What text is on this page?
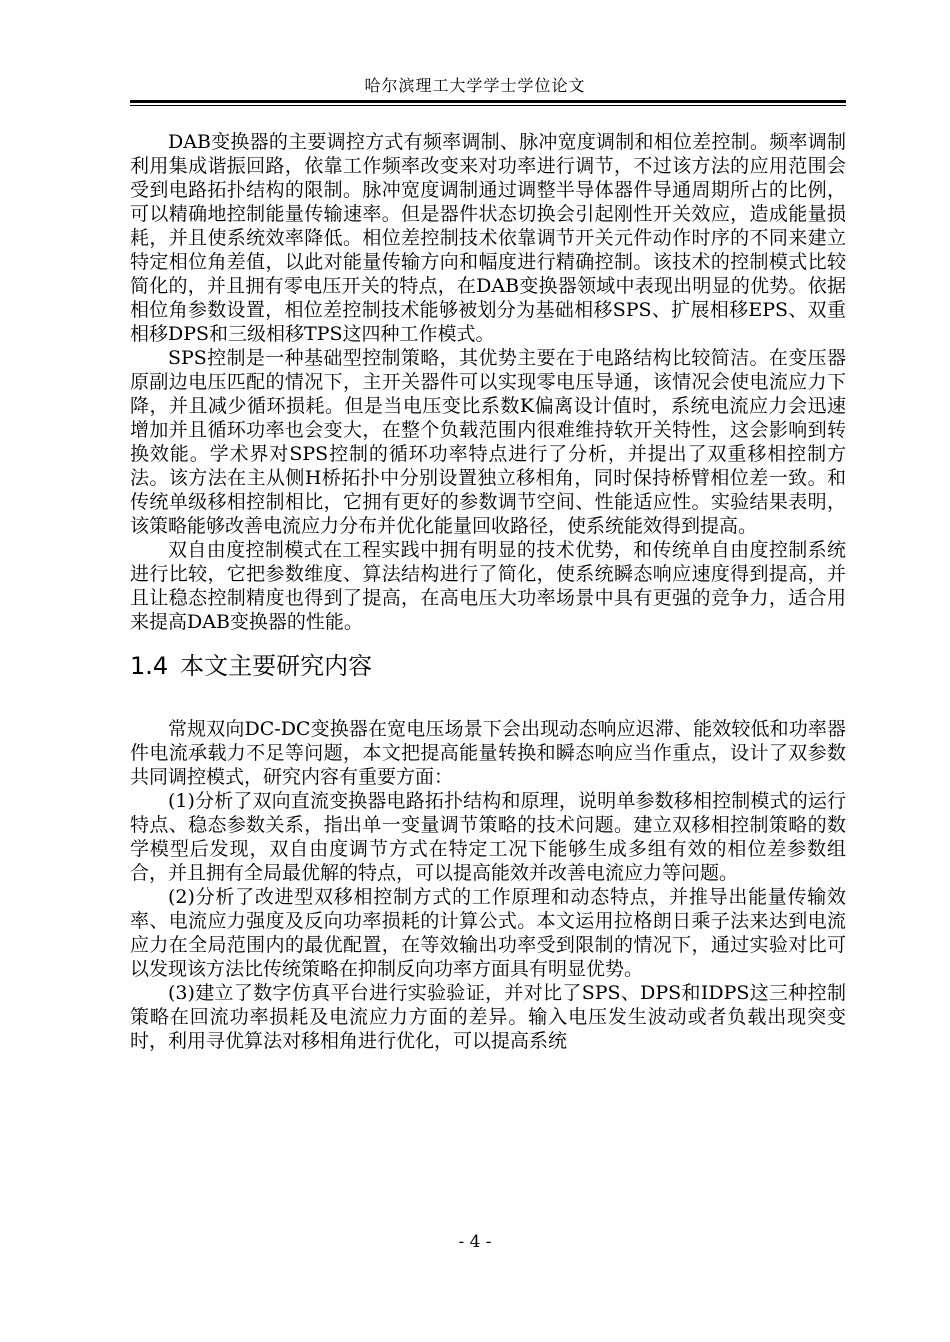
哈尔滨理工大学学士学位论文

DAB变换器的主要调控方式有频率调制、脉冲宽度调制和相位差控制。频率调制利用集成谐振回路，依靠工作频率改变来对功率进行调节，不过该方法的应用范围会受到电路拓扑结构的限制。脉冲宽度调制通过调整半导体器件导通周期所占的比例，可以精确地控制能量传输速率。但是器件状态切换会引起刚性开关效应，造成能量损耗，并且使系统效率降低。相位差控制技术依靠调节开关元件动作时序的不同来建立特定相位角差值，以此对能量传输方向和幅度进行精确控制。该技术的控制模式比较简化的，并且拥有零电压开关的特点，在DAB变换器领域中表现出明显的优势。依据相位角参数设置，相位差控制技术能够被划分为基础相移SPS、扩展相移EPS、双重相移DPS和三级相移TPS这四种工作模式。

SPS控制是一种基础型控制策略，其优势主要在于电路结构比较简洁。在变压器原副边电压匹配的情况下，主开关器件可以实现零电压导通，该情况会使电流应力下降，并且减少循环损耗。但是当电压变比系数K偏离设计值时，系统电流应力会迅速增加并且循环功率也会变大，在整个负载范围内很难维持软开关特性，这会影响到转换效能。学术界对SPS控制的循环功率特点进行了分析，并提出了双重移相控制方法。该方法在主从侧H桥拓扑中分别设置独立移相角，同时保持桥臂相位差一致。和传统单级移相控制相比，它拥有更好的参数调节空间、性能适应性。实验结果表明，该策略能够改善电流应力分布并优化能量回收路径，使系统能效得到提高。

双自由度控制模式在工程实践中拥有明显的技术优势，和传统单自由度控制系统进行比较，它把参数维度、算法结构进行了简化，使系统瞬态响应速度得到提高，并且让稳态控制精度也得到了提高，在高电压大功率场景中具有更强的竞争力，适合用来提高DAB变换器的性能。

1.4 本文主要研究内容

常规双向DC-DC变换器在宽电压场景下会出现动态响应迟滞、能效较低和功率器件电流承载力不足等问题，本文把提高能量转换和瞬态响应当作重点，设计了双参数共同调控模式，研究内容有重要方面：

(1)分析了双向直流变换器电路拓扑结构和原理，说明单参数移相控制模式的运行特点、稳态参数关系，指出单一变量调节策略的技术问题。建立双移相控制策略的数学模型后发现，双自由度调节方式在特定工况下能够生成多组有效的相位差参数组合，并且拥有全局最优解的特点，可以提高能效并改善电流应力等问题。

(2)分析了改进型双移相控制方式的工作原理和动态特点，并推导出能量传输效率、电流应力强度及反向功率损耗的计算公式。本文运用拉格朗日乘子法来达到电流应力在全局范围内的最优配置，在等效输出功率受到限制的情况下，通过实验对比可以发现该方法比传统策略在抑制反向功率方面具有明显优势。

(3)建立了数字仿真平台进行实验验证，并对比了SPS、DPS和IDPS这三种控制策略在回流功率损耗及电流应力方面的差异。输入电压发生波动或者负载出现突变时，利用寻优算法对移相角进行优化，可以提高系统

- 4 -
